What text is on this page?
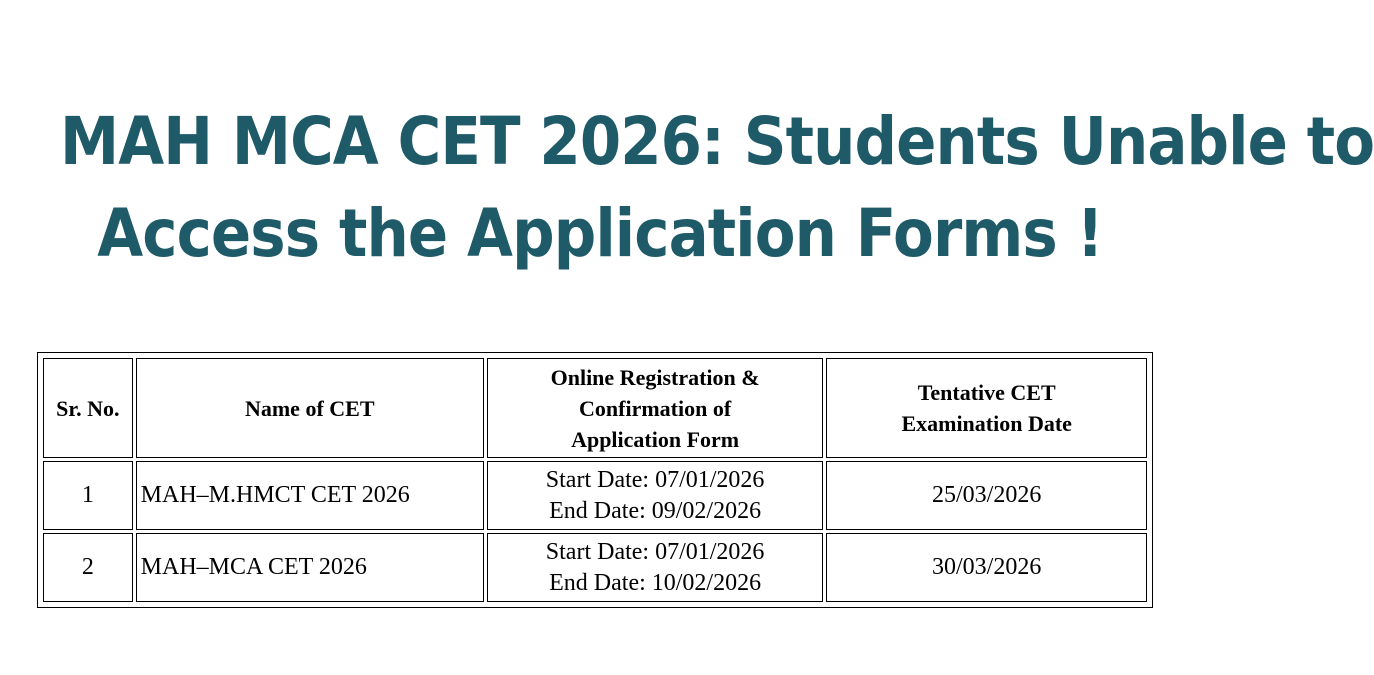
MAH MCA CET 2026: Students Unable to
Access the Application Forms !
Sr. No.	Name of CET	Online Registration &
Confirmation of
Application Form	Tentative CET
Examination Date
1	MAH–M.HMCT CET 2026	Start Date: 07/01/2026
End Date: 09/02/2026	25/03/2026
2	MAH–MCA CET 2026	Start Date: 07/01/2026
End Date: 10/02/2026	30/03/2026
